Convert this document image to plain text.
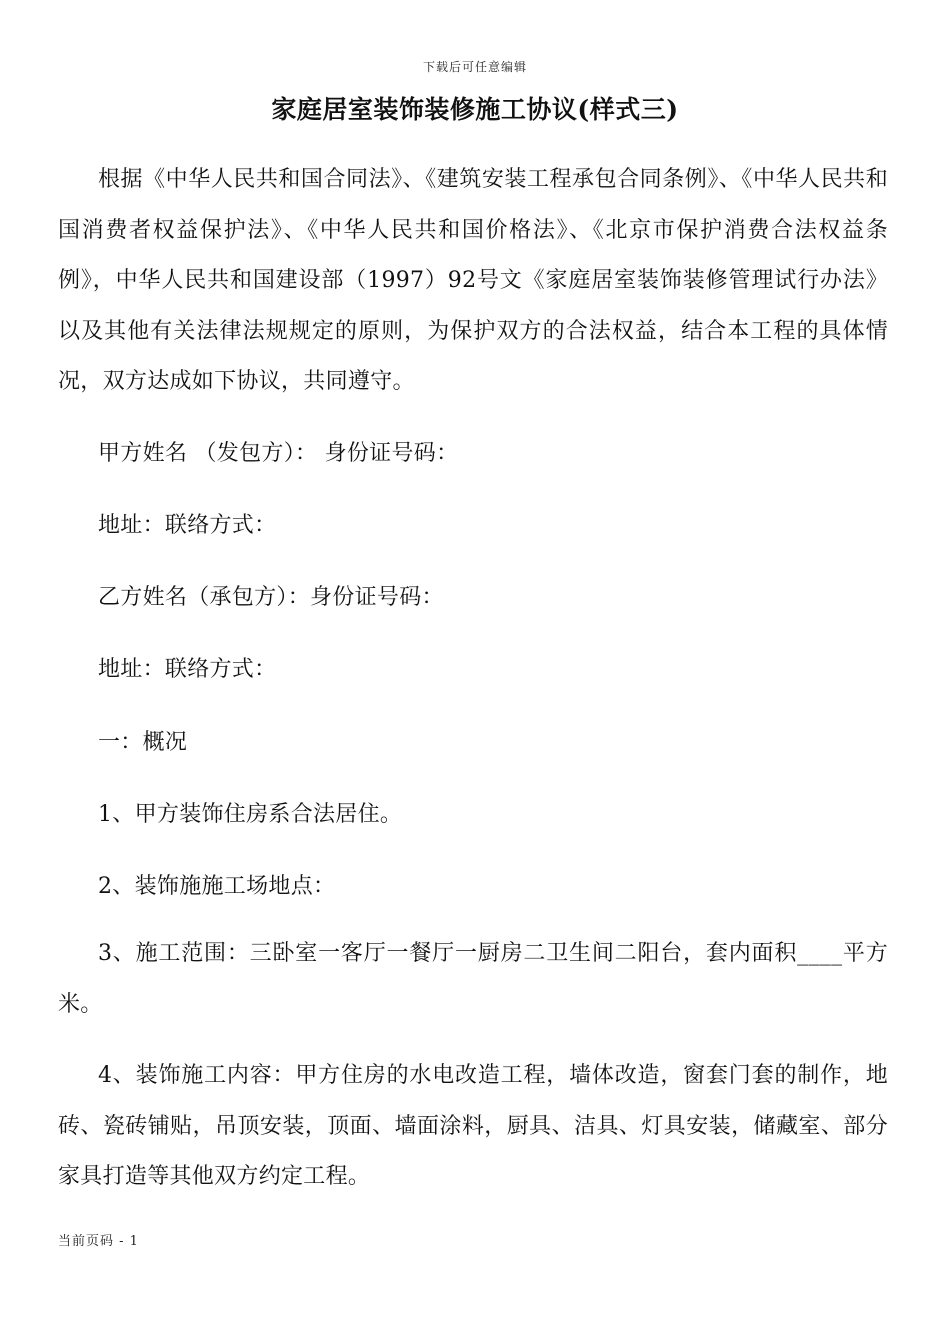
下载后可任意编辑
家庭居室装饰装修施工协议(样式三)

根据《中华人民共和国合同法》、《建筑安装工程承包合同条例》、《中华人民共和国消费者权益保护法》、《中华人民共和国价格法》、《北京市保护消费合法权益条例》，中华人民共和国建设部（1997）92号文《家庭居室装饰装修管理试行办法》以及其他有关法律法规规定的原则，为保护双方的合法权益，结合本工程的具体情况，双方达成如下协议，共同遵守。

甲方姓名 （发包方）： 身份证号码：

地址：联络方式：

乙方姓名（承包方）：身份证号码：

地址：联络方式：

一：概况

1、甲方装饰住房系合法居住。

2、装饰施施工场地点：

3、施工范围：三卧室一客厅一餐厅一厨房二卫生间二阳台，套内面积____平方米。

4、装饰施工内容：甲方住房的水电改造工程，墙体改造，窗套门套的制作，地砖、瓷砖铺贴，吊顶安装，顶面、墙面涂料，厨具、洁具、灯具安装，储藏室、部分家具打造等其他双方约定工程。

当前页码 - 1
